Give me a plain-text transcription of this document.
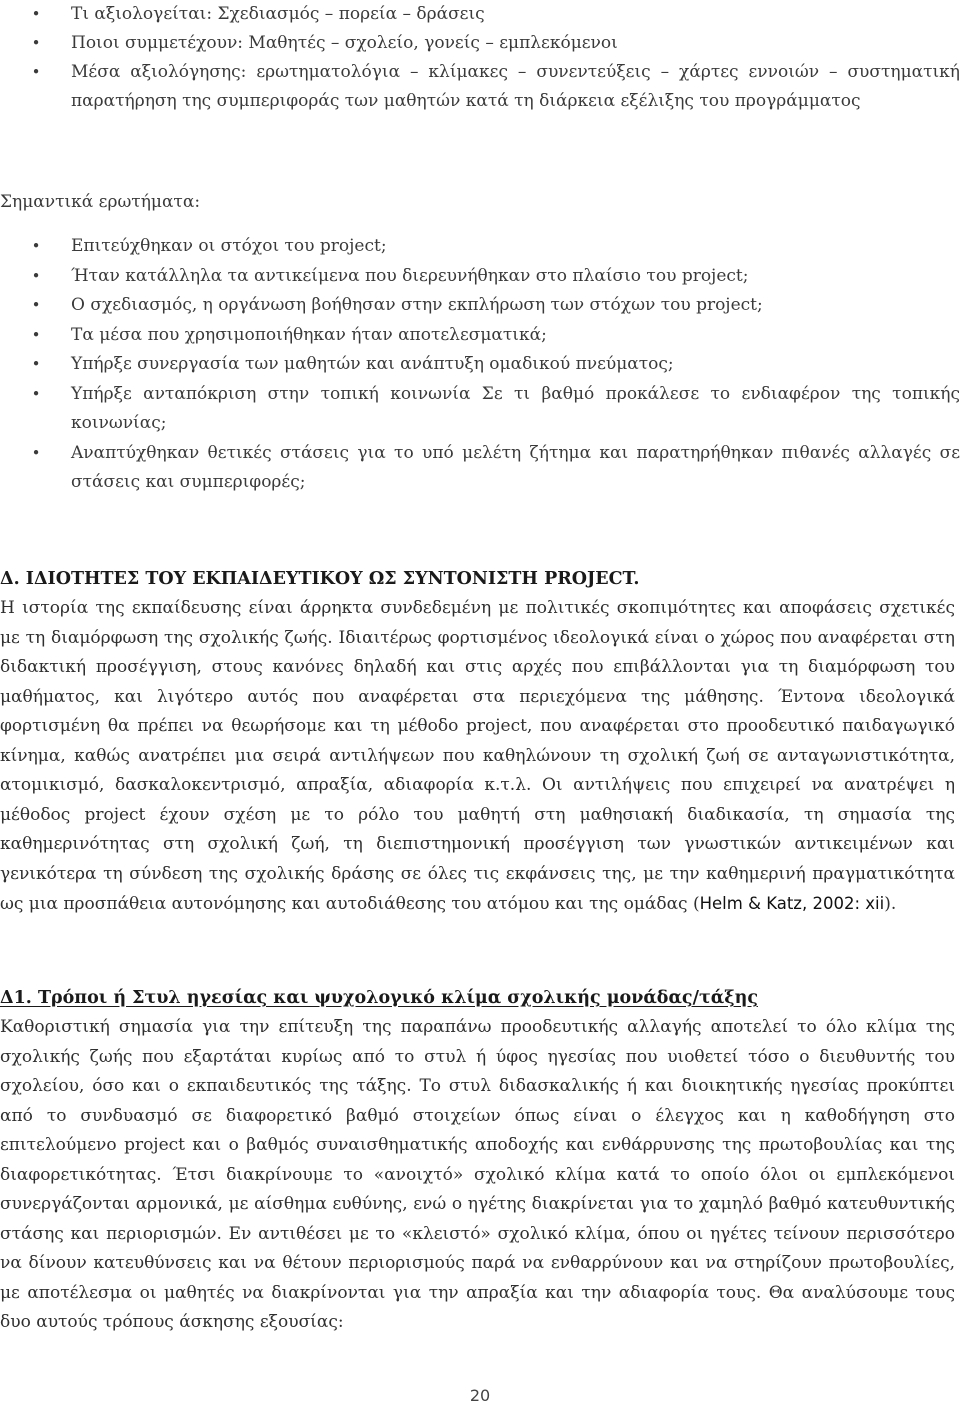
•	Τι αξιολογείται: Σχεδιασμός – πορεία – δράσεις
•	Ποιοι συμμετέχουν: Μαθητές – σχολείο, γονείς – εμπλεκόμενοι
•	Μέσα αξιολόγησης: ερωτηματολόγια – κλίμακες – συνεντεύξεις – χάρτες εννοιών – συστηματική παρατήρηση της συμπεριφοράς των μαθητών κατά τη διάρκεια εξέλιξης του προγράμματος
Σημαντικά ερωτήματα:
•	Επιτεύχθηκαν οι στόχοι του project;
•	Ήταν κατάλληλα τα αντικείμενα που διερευνήθηκαν στο πλαίσιο του project;
•	Ο σχεδιασμός, η οργάνωση βοήθησαν στην εκπλήρωση των στόχων του project;
•	Τα μέσα που χρησιμοποιήθηκαν ήταν αποτελεσματικά;
•	Υπήρξε συνεργασία των μαθητών και ανάπτυξη ομαδικού πνεύματος;
•	Υπήρξε ανταπόκριση στην τοπική κοινωνία Σε τι βαθμό προκάλεσε το ενδιαφέρον της τοπικής κοινωνίας;
•	Αναπτύχθηκαν θετικές στάσεις για το υπό μελέτη ζήτημα και παρατηρήθηκαν πιθανές αλλαγές σε στάσεις και συμπεριφορές;
Δ. ΙΔΙΟΤΗΤΕΣ ΤΟΥ ΕΚΠΑΙΔΕΥΤΙΚΟΥ ΩΣ ΣΥΝΤΟΝΙΣΤΗ PROJECT.

Η ιστορία της εκπαίδευσης είναι άρρηκτα συνδεδεμένη με πολιτικές σκοπιμότητες και αποφάσεις σχετικές με τη διαμόρφωση της σχολικής ζωής. Ιδιαιτέρως φορτισμένος ιδεολογικά είναι ο χώρος που αναφέρεται στη διδακτική προσέγγιση, στους κανόνες δηλαδή και στις αρχές που επιβάλλονται για τη διαμόρφωση του μαθήματος, και λιγότερο αυτός που αναφέρεται στα περιεχόμενα της μάθησης. Έντονα ιδεολογικά φορτισμένη θα πρέπει να θεωρήσομε και τη μέθοδο project, που αναφέρεται στο προοδευτικό παιδαγωγικό κίνημα, καθώς ανατρέπει μια σειρά αντιλήψεων που καθηλώνουν τη σχολική ζωή σε ανταγωνιστικότητα, ατομικισμό, δασκαλοκεντρισμό, απραξία, αδιαφορία κ.τ.λ. Οι αντιλήψεις που επιχειρεί να ανατρέψει η μέθοδος project έχουν σχέση με το ρόλο του μαθητή στη μαθησιακή διαδικασία, τη σημασία της καθημερινότητας στη σχολική ζωή, τη διεπιστημονική προσέγγιση των γνωστικών αντικειμένων και γενικότερα τη σύνδεση της σχολικής δράσης σε όλες τις εκφάνσεις της, με την καθημερινή πραγματικότητα ως μια προσπάθεια αυτονόμησης και αυτοδιάθεσης του ατόμου και της ομάδας (Helm & Katz, 2002: xii).

Δ1. Τρόποι ή Στυλ ηγεσίας και ψυχολογικό κλίμα σχολικής μονάδας/τάξης

Καθοριστική σημασία για την επίτευξη της παραπάνω προοδευτικής αλλαγής αποτελεί το όλο κλίμα της σχολικής ζωής που εξαρτάται κυρίως από το στυλ ή ύφος ηγεσίας που υιοθετεί τόσο ο διευθυντής του σχολείου, όσο και ο εκπαιδευτικός της τάξης. Το στυλ διδασκαλικής ή και διοικητικής ηγεσίας προκύπτει από το συνδυασμό σε διαφορετικό βαθμό στοιχείων όπως είναι ο έλεγχος και η καθοδήγηση στο επιτελούμενο project και ο βαθμός συναισθηματικής αποδοχής και ενθάρρυνσης της πρωτοβουλίας και της διαφορετικότητας. Έτσι διακρίνουμε το «ανοιχτό» σχολικό κλίμα κατά το οποίο όλοι οι εμπλεκόμενοι συνεργάζονται αρμονικά, με αίσθημα ευθύνης, ενώ ο ηγέτης διακρίνεται για το χαμηλό βαθμό κατευθυντικής στάσης και περιορισμών. Εν αντιθέσει με το «κλειστό» σχολικό κλίμα, όπου οι ηγέτες τείνουν περισσότερο να δίνουν κατευθύνσεις και να θέτουν περιορισμούς παρά να ενθαρρύνουν και να στηρίζουν πρωτοβουλίες, με αποτέλεσμα οι μαθητές να διακρίνονται για την απραξία και την αδιαφορία τους. Θα αναλύσουμε τους δυο αυτούς τρόπους άσκησης εξουσίας:

20
